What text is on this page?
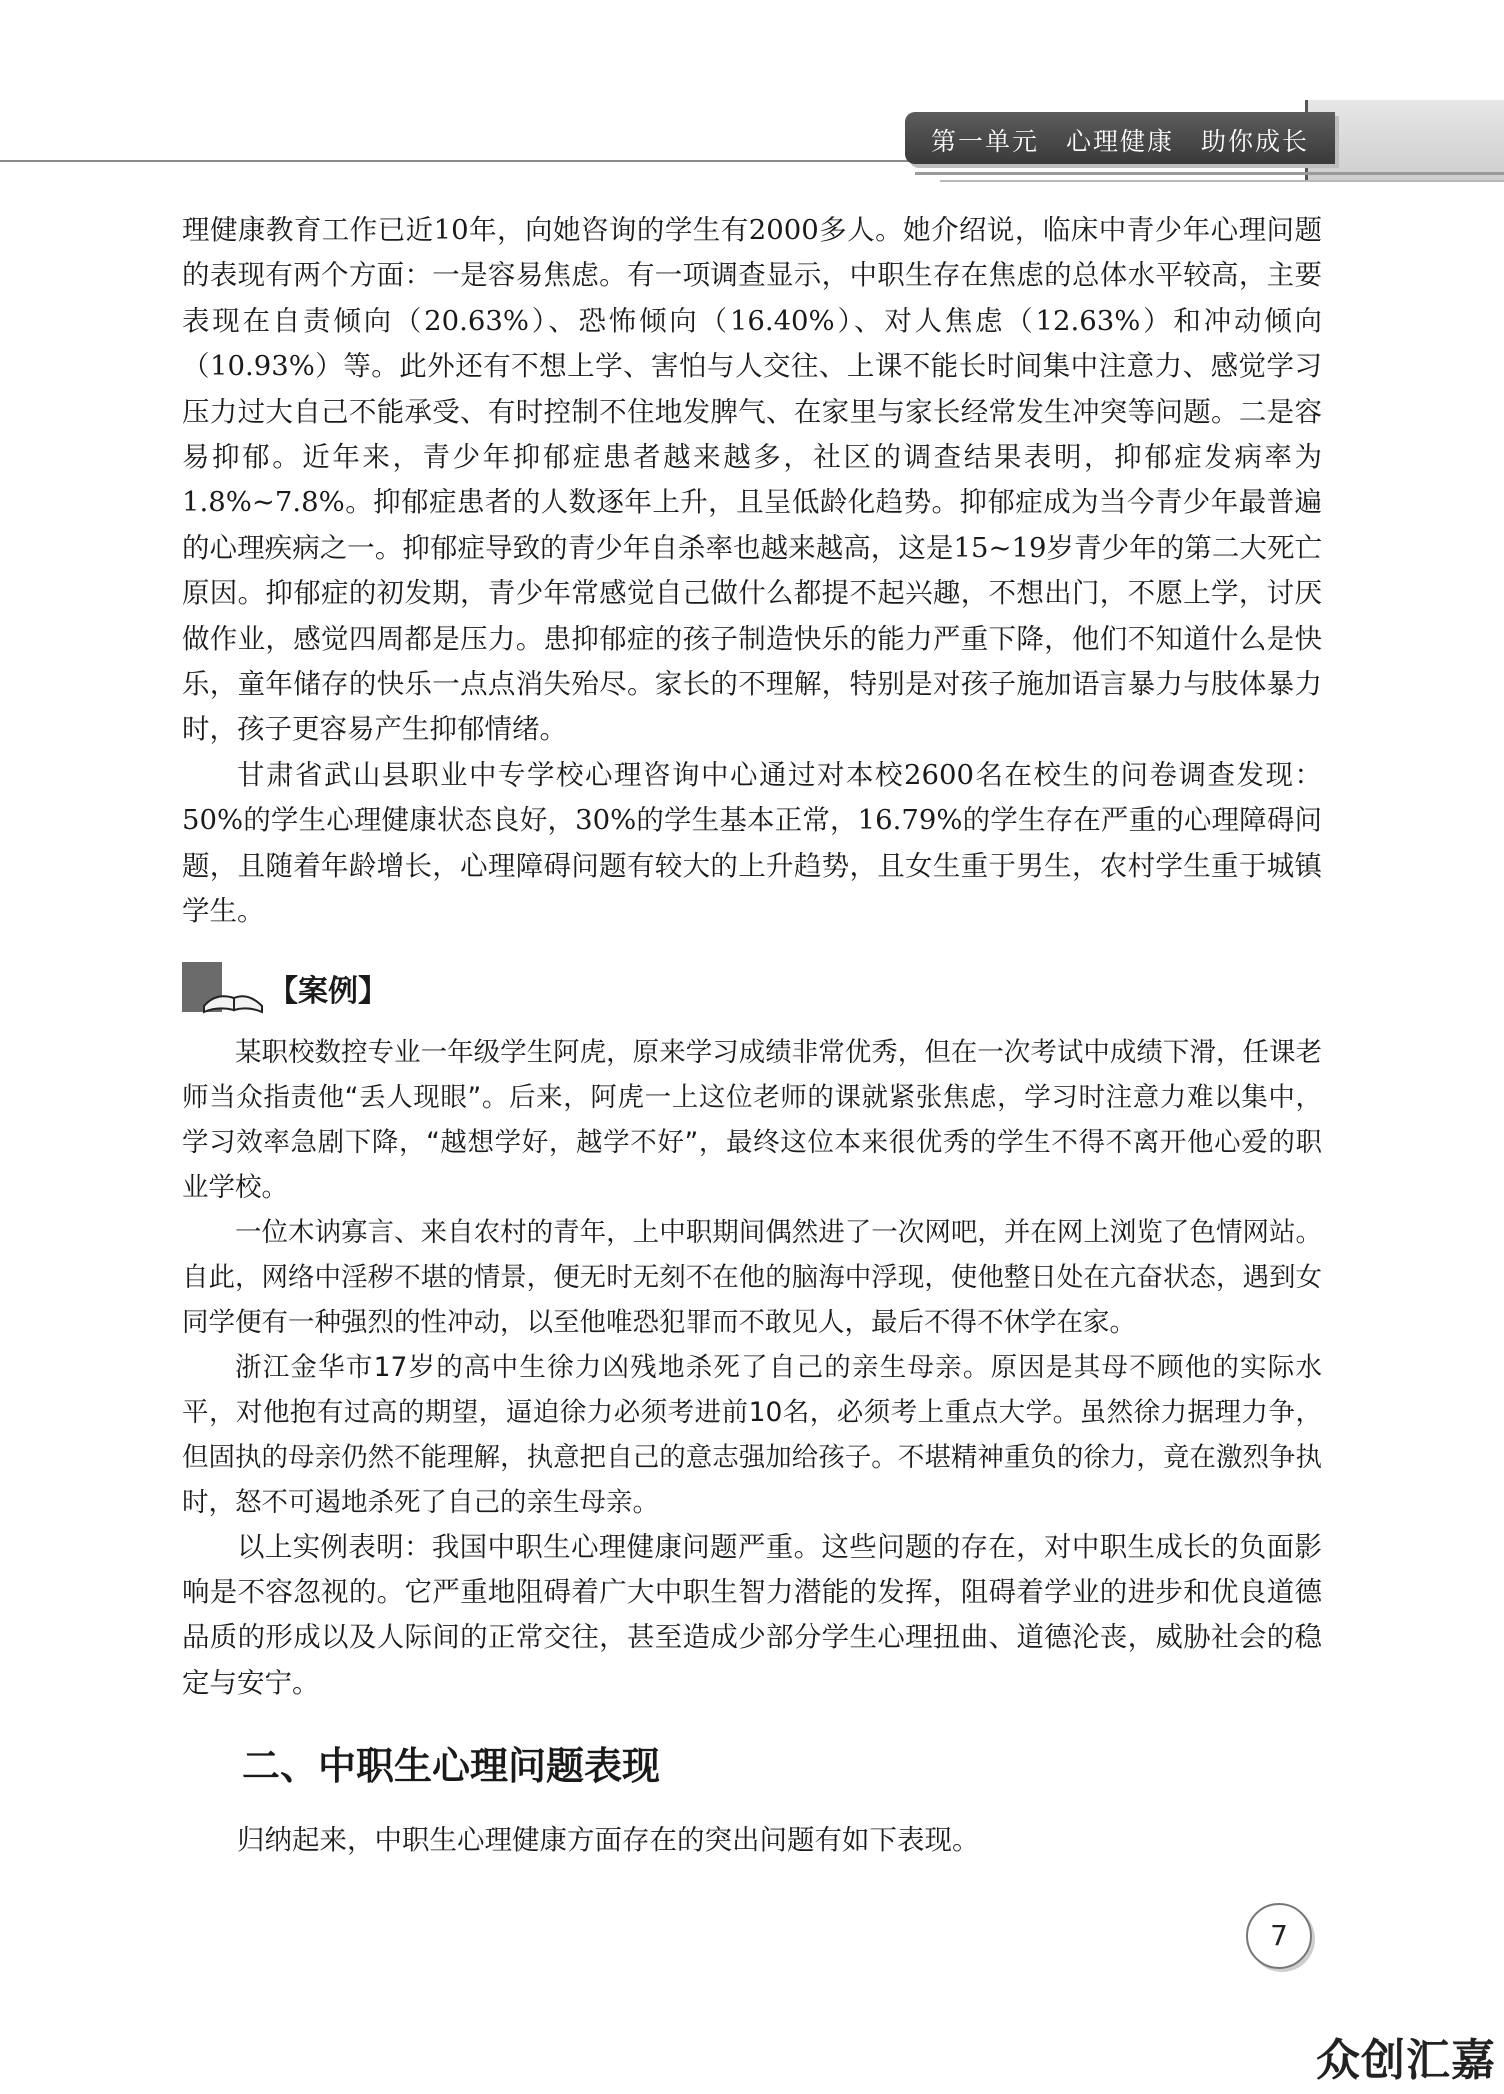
第一单元　心理健康　助你成长

理健康教育工作已近10年，向她咨询的学生有2000多人。她介绍说，临床中青少年心理问题的表现有两个方面：一是容易焦虑。有一项调查显示，中职生存在焦虑的总体水平较高，主要表现在自责倾向（20.63%）、恐怖倾向（16.40%）、对人焦虑（12.63%）和冲动倾向（10.93%）等。此外还有不想上学、害怕与人交往、上课不能长时间集中注意力、感觉学习压力过大自己不能承受、有时控制不住地发脾气、在家里与家长经常发生冲突等问题。二是容易抑郁。近年来，青少年抑郁症患者越来越多，社区的调查结果表明，抑郁症发病率为1.8%~7.8%。抑郁症患者的人数逐年上升，且呈低龄化趋势。抑郁症成为当今青少年最普遍的心理疾病之一。抑郁症导致的青少年自杀率也越来越高，这是15~19岁青少年的第二大死亡原因。抑郁症的初发期，青少年常感觉自己做什么都提不起兴趣，不想出门，不愿上学，讨厌做作业，感觉四周都是压力。患抑郁症的孩子制造快乐的能力严重下降，他们不知道什么是快乐，童年储存的快乐一点点消失殆尽。家长的不理解，特别是对孩子施加语言暴力与肢体暴力时，孩子更容易产生抑郁情绪。

甘肃省武山县职业中专学校心理咨询中心通过对本校2600名在校生的问卷调查发现：50%的学生心理健康状态良好，30%的学生基本正常，16.79%的学生存在严重的心理障碍问题，且随着年龄增长，心理障碍问题有较大的上升趋势，且女生重于男生，农村学生重于城镇学生。

【案例】

某职校数控专业一年级学生阿虎，原来学习成绩非常优秀，但在一次考试中成绩下滑，任课老师当众指责他“丢人现眼”。后来，阿虎一上这位老师的课就紧张焦虑，学习时注意力难以集中，学习效率急剧下降，“越想学好，越学不好”，最终这位本来很优秀的学生不得不离开他心爱的职业学校。

一位木讷寡言、来自农村的青年，上中职期间偶然进了一次网吧，并在网上浏览了色情网站。自此，网络中淫秽不堪的情景，便无时无刻不在他的脑海中浮现，使他整日处在亢奋状态，遇到女同学便有一种强烈的性冲动，以至他唯恐犯罪而不敢见人，最后不得不休学在家。

浙江金华市17岁的高中生徐力凶残地杀死了自己的亲生母亲。原因是其母不顾他的实际水平，对他抱有过高的期望，逼迫徐力必须考进前10名，必须考上重点大学。虽然徐力据理力争，但固执的母亲仍然不能理解，执意把自己的意志强加给孩子。不堪精神重负的徐力，竟在激烈争执时，怒不可遏地杀死了自己的亲生母亲。

以上实例表明：我国中职生心理健康问题严重。这些问题的存在，对中职生成长的负面影响是不容忽视的。它严重地阻碍着广大中职生智力潜能的发挥，阻碍着学业的进步和优良道德品质的形成以及人际间的正常交往，甚至造成少部分学生心理扭曲、道德沦丧，威胁社会的稳定与安宁。

二、中职生心理问题表现

归纳起来，中职生心理健康方面存在的突出问题有如下表现。

7
众创汇嘉
